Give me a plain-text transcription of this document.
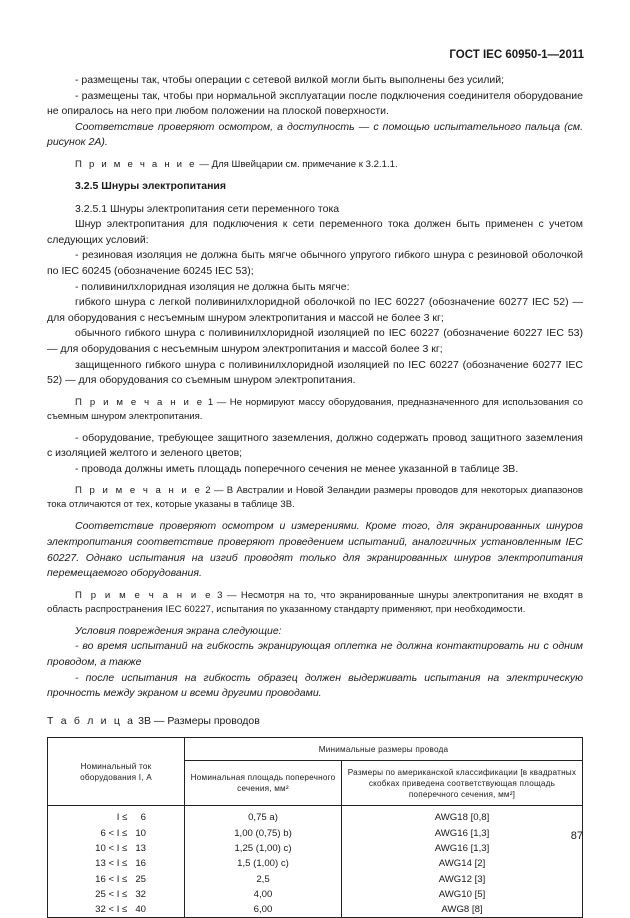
ГОСТ IEC 60950-1—2011

- размещены так, чтобы операции с сетевой вилкой могли быть выполнены без усилий;

- размещены так, чтобы при нормальной эксплуатации после подключения соединителя оборудование не опиралось на него при любом положении на плоской поверхности.

Соответствие проверяют осмотром, а доступность — с помощью испытательного пальца (см. рисунок 2А).

П р и м е ч а н и е — Для Швейцарии см. примечание к 3.2.1.1.

3.2.5 Шнуры электропитания

3.2.5.1 Шнуры электропитания сети переменного тока

Шнур электропитания для подключения к сети переменного тока должен быть применен с учетом следующих условий:

- резиновая изоляция не должна быть мягче обычного упругого гибкого шнура с резиновой оболочкой по IEC 60245 (обозначение 60245 IEC 53);

- поливинилхлоридная изоляция не должна быть мягче:

гибкого шнура с легкой поливинилхлоридной оболочкой по IEC 60227 (обозначение 60277 IEC 52) — для оборудования с несъемным шнуром электропитания и массой не более 3 кг;

обычного гибкого шнура с поливинилхлоридной изоляцией по IEC 60227 (обозначение 60227 IEC 53) — для оборудования с несъемным шнуром электропитания и массой более 3 кг;

защищенного гибкого шнура с поливинилхлоридной изоляцией по IEC 60227 (обозначение 60277 IEC 52) — для оборудования со съемным шнуром электропитания.

П р и м е ч а н и е 1 — Не нормируют массу оборудования, предназначенного для использования со съемным шнуром электропитания.

- оборудование, требующее защитного заземления, должно содержать провод защитного заземления с изоляцией желтого и зеленого цветов;

- провода должны иметь площадь поперечного сечения не менее указанной в таблице 3В.

П р и м е ч а н и е 2 — В Австралии и Новой Зеландии размеры проводов для некоторых диапазонов тока отличаются от тех, которые указаны в таблице 3В.

Соответствие проверяют осмотром и измерениями. Кроме того, для экранированных шнуров электропитания соответствие проверяют проведением испытаний, аналогичных установленным IEC 60227. Однако испытания на изгиб проводят только для экранированных шнуров электропитания перемещаемого оборудования.

П р и м е ч а н и е 3 — Несмотря на то, что экранированные шнуры электропитания не входят в область распространения IEC 60227, испытания по указанному стандарту применяют, при необходимости.

Условия повреждения экрана следующие:

- во время испытаний на гибкость экранирующая оплетка не должна контактировать ни с одним проводом, а также

- после испытания на гибкость образец должен выдерживать испытания на электрическую прочность между экраном и всеми другими проводами.

Т а б л и ц а 3В — Размеры проводов

Номинальный ток оборудования I, А	Минимальные размеры провода	
	Номинальная площадь поперечного сечения, мм²	Размеры по американской классификации [в квадратных скобках приведена соответствующая площадь поперечного сечения, мм²]
I ≤     6	0,75 a)	AWG18 [0,8]
6 < I ≤   10	1,00 (0,75) b)	AWG16 [1,3]
10 < I ≤   13	1,25 (1,00) c)	AWG16 [1,3]
13 < I ≤   16	1,5 (1,00) c)	AWG14 [2]
16 < I ≤   25	2,5	AWG12 [3]
25 < I ≤   32	4,00	AWG10 [5]
32 < I ≤   40	6,00	AWG8 [8]
87
